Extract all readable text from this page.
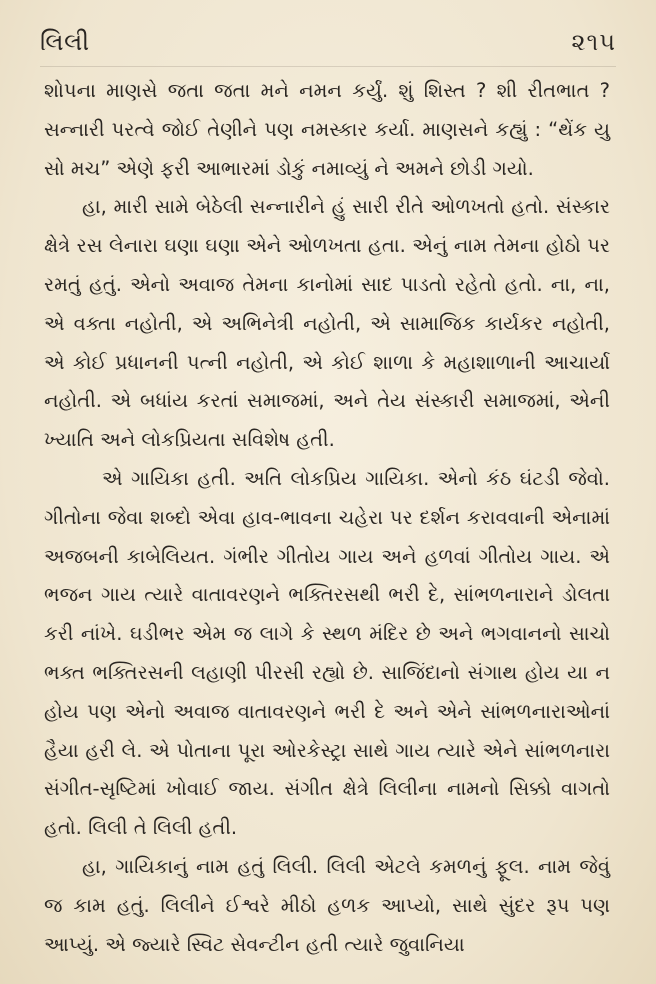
લિલી	૨૧૫

શોપના માણસે જતા જતા મને નમન કર્યું. શું શિસ્ત ? શી રીતભાત ? સન્નારી પરત્વે જોઈ તેણીને પણ નમસ્કાર કર્યા. માણસને કહ્યું : “થેંક યુ સો મચ” એણે ફરી આભારમાં ડોકું નમાવ્યું ને અમને છોડી ગયો.

હા, મારી સામે બેઠેલી સન્નારીને હું સારી રીતે ઓળખતો હતો. સંસ્કાર ક્ષેત્રે રસ લેનારા ઘણા ઘણા એને ઓળખતા હતા. એનું નામ તેમના હોઠો પર રમતું હતું. એનો અવાજ તેમના કાનોમાં સાદ પાડતો રહેતો હતો. ના, ના, એ વક્તા નહોતી, એ અભિનેત્રી નહોતી, એ સામાજિક કાર્યકર નહોતી, એ કોઈ પ્રધાનની પત્ની નહોતી, એ કોઈ શાળા કે મહાશાળાની આચાર્યા નહોતી. એ બધાંય કરતાં સમાજમાં, અને તેય સંસ્કારી સમાજમાં, એની ખ્યાતિ અને લોકપ્રિયતા સવિશેષ હતી.

એ ગાયિકા હતી. અતિ લોકપ્રિય ગાયિકા. એનો કંઠ ઘંટડી જેવો. ગીતોના જેવા શબ્દો એવા હાવ-ભાવના ચહેરા પર દર્શન કરાવવાની એનામાં અજબની કાબેલિયત. ગંભીર ગીતોય ગાય અને હળવાં ગીતોય ગાય. એ ભજન ગાય ત્યારે વાતાવરણને ભક્તિરસથી ભરી દે, સાંભળનારાને ડોલતા કરી નાંખે. ઘડીભર એમ જ લાગે કે સ્થળ મંદિર છે અને ભગવાનનો સાચો ભક્ત ભક્તિરસની લહાણી પીરસી રહ્યો છે. સાજિંદાનો સંગાથ હોય યા ન હોય પણ એનો અવાજ વાતાવરણને ભરી દે અને એને સાંભળનારાઓનાં હૈયા હરી લે. એ પોતાના પૂરા ઓરકેસ્ટ્રા સાથે ગાય ત્યારે એને સાંભળનારા સંગીત-સૃષ્ટિમાં ખોવાઈ જાય. સંગીત ક્ષેત્રે લિલીના નામનો સિક્કો વાગતો હતો. લિલી તે લિલી હતી.

હા, ગાયિકાનું નામ હતું લિલી. લિલી એટલે કમળનું ફૂલ. નામ જેવું જ કામ હતું. લિલીને ઈશ્વરે મીઠો હળક આપ્યો, સાથે સુંદર રૂપ પણ આપ્યું. એ જ્યારે સ્વિટ સેવન્ટીન હતી ત્યારે જુવાનિયા
